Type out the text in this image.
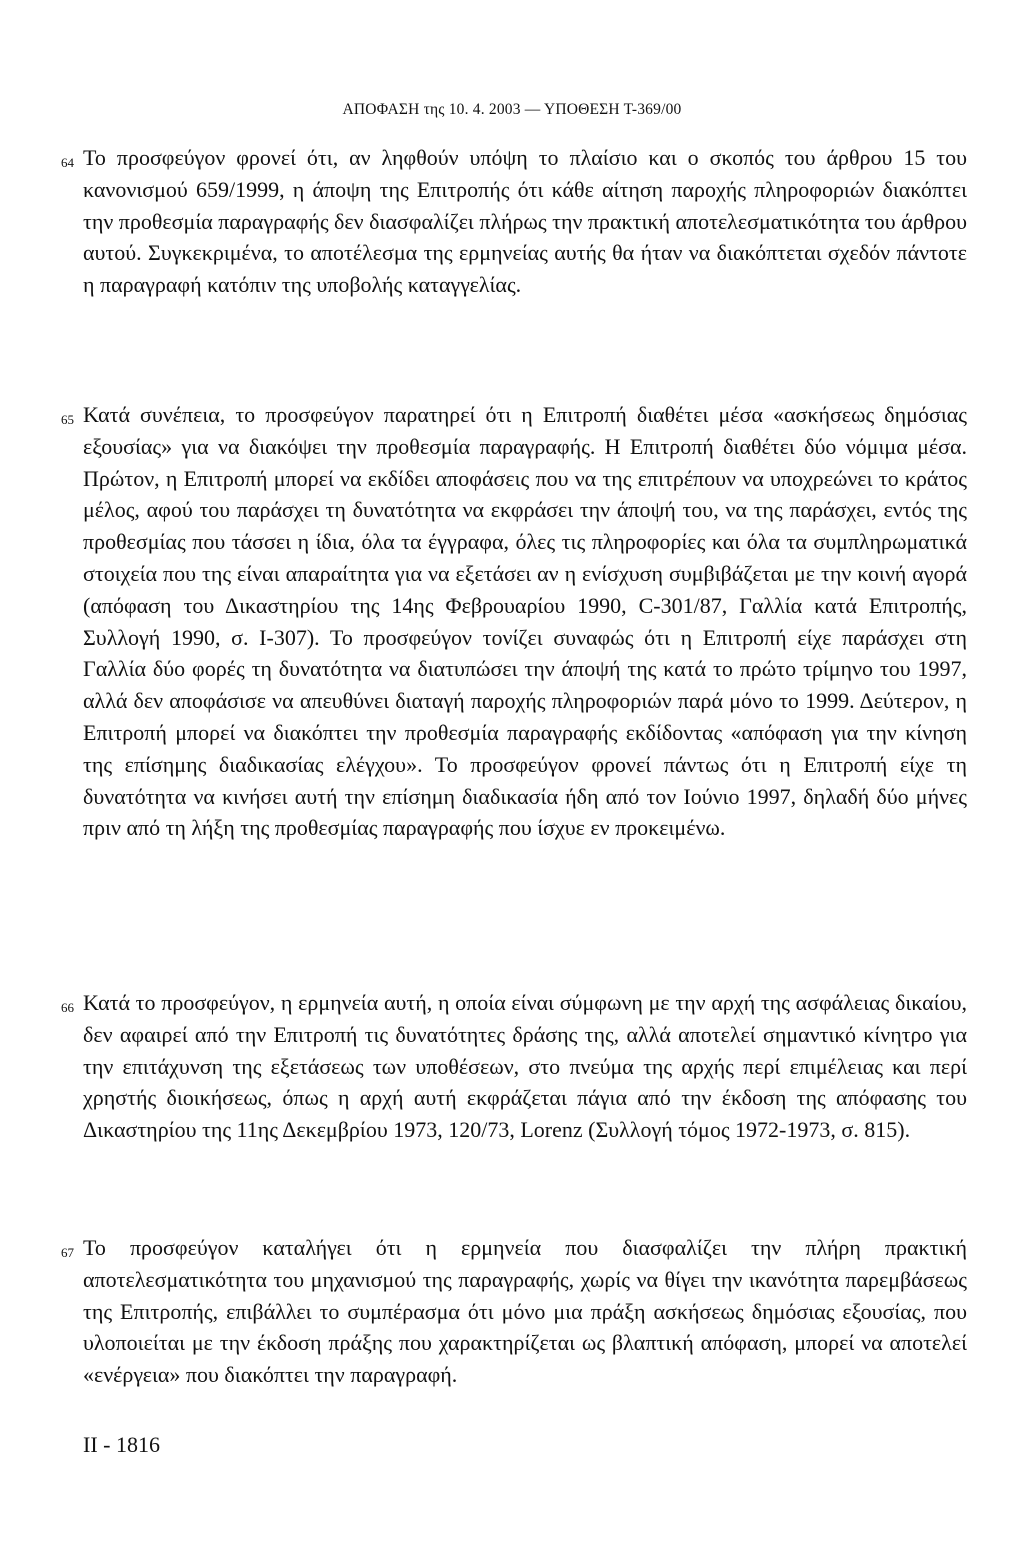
ΑΠΟΦΑΣΗ της 10. 4. 2003 — ΥΠΟΘΕΣΗ Τ-369/00
64 Το προσφεύγον φρονεί ότι, αν ληφθούν υπόψη το πλαίσιο και ο σκοπός του άρθρου 15 του κανονισμού 659/1999, η άποψη της Επιτροπής ότι κάθε αίτηση παροχής πληροφοριών διακόπτει την προθεσμία παραγραφής δεν διασφαλίζει πλήρως την πρακτική αποτελεσματικότητα του άρθρου αυτού. Συγκεκριμένα, το αποτέλεσμα της ερμηνείας αυτής θα ήταν να διακόπτεται σχεδόν πάντοτε η παραγραφή κατόπιν της υποβολής καταγγελίας.

65 Κατά συνέπεια, το προσφεύγον παρατηρεί ότι η Επιτροπή διαθέτει μέσα «ασκήσεως δημόσιας εξουσίας» για να διακόψει την προθεσμία παραγραφής. Η Επιτροπή διαθέτει δύο νόμιμα μέσα. Πρώτον, η Επιτροπή μπορεί να εκδίδει αποφάσεις που να της επιτρέπουν να υποχρεώνει το κράτος μέλος, αφού του παράσχει τη δυνατότητα να εκφράσει την άποψή του, να της παράσχει, εντός της προθεσμίας που τάσσει η ίδια, όλα τα έγγραφα, όλες τις πληροφορίες και όλα τα συμπληρωματικά στοιχεία που της είναι απαραίτητα για να εξετάσει αν η ενίσχυση συμβιβάζεται με την κοινή αγορά (απόφαση του Δικαστηρίου της 14ης Φεβρουαρίου 1990, C-301/87, Γαλλία κατά Επιτροπής, Συλλογή 1990, σ. I-307). Το προσφεύγον τονίζει συναφώς ότι η Επιτροπή είχε παράσχει στη Γαλλία δύο φορές τη δυνατότητα να διατυπώσει την άποψή της κατά το πρώτο τρίμηνο του 1997, αλλά δεν αποφάσισε να απευθύνει διαταγή παροχής πληροφοριών παρά μόνο το 1999. Δεύτερον, η Επιτροπή μπορεί να διακόπτει την προθεσμία παραγραφής εκδίδοντας «απόφαση για την κίνηση της επίσημης διαδικασίας ελέγχου». Το προσφεύγον φρονεί πάντως ότι η Επιτροπή είχε τη δυνατότητα να κινήσει αυτή την επίσημη διαδικασία ήδη από τον Ιούνιο 1997, δηλαδή δύο μήνες πριν από τη λήξη της προθεσμίας παραγραφής που ίσχυε εν προκειμένω.

66 Κατά το προσφεύγον, η ερμηνεία αυτή, η οποία είναι σύμφωνη με την αρχή της ασφάλειας δικαίου, δεν αφαιρεί από την Επιτροπή τις δυνατότητες δράσης της, αλλά αποτελεί σημαντικό κίνητρο για την επιτάχυνση της εξετάσεως των υποθέσεων, στο πνεύμα της αρχής περί επιμέλειας και περί χρηστής διοικήσεως, όπως η αρχή αυτή εκφράζεται πάγια από την έκδοση της απόφασης του Δικαστηρίου της 11ης Δεκεμβρίου 1973, 120/73, Lorenz (Συλλογή τόμος 1972-1973, σ. 815).

67 Το προσφεύγον καταλήγει ότι η ερμηνεία που διασφαλίζει την πλήρη πρακτική αποτελεσματικότητα του μηχανισμού της παραγραφής, χωρίς να θίγει την ικανότητα παρεμβάσεως της Επιτροπής, επιβάλλει το συμπέρασμα ότι μόνο μια πράξη ασκήσεως δημόσιας εξουσίας, που υλοποιείται με την έκδοση πράξης που χαρακτηρίζεται ως βλαπτική απόφαση, μπορεί να αποτελεί «ενέργεια» που διακόπτει την παραγραφή.

II - 1816
